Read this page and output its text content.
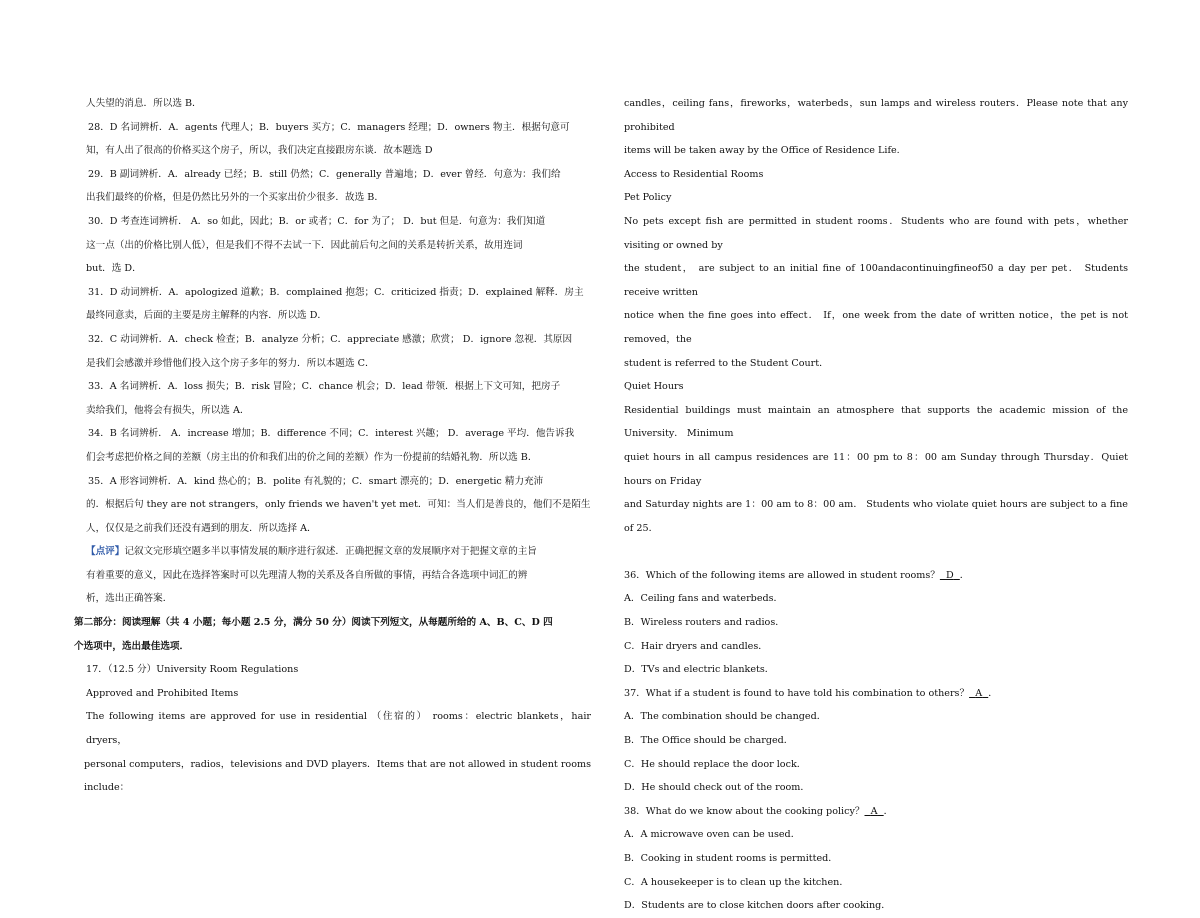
人失望的消息．所以选 B．

28．D 名词辨析．A．agents 代理人；B．buyers 买方；C．managers 经理；D．owners 物主．根据句意可

知，有人出了很高的价格买这个房子，所以，我们决定直接跟房东谈．故本题选 D

29．B 副词辨析．A．already 已经；B．still 仍然；C．generally 普遍地；D．ever 曾经．句意为：我们给

出我们最终的价格，但是仍然比另外的一个买家出价少很多．故选 B．

30．D 考查连词辨析． A．so 如此，因此；B．or 或者；C．for 为了； D．but 但是．句意为：我们知道

这一点（出的价格比别人低），但是我们不得不去试一下．因此前后句之间的关系是转折关系，故用连词

but．选 D．

31．D 动词辨析．A．apologized 道歉；B．complained 抱怨；C．criticized 指责；D．explained 解释．房主

最终同意卖，后面的主要是房主解释的内容．所以选 D．

32．C 动词辨析．A．check 检查；B．analyze 分析；C．appreciate 感激；欣赏； D．ignore 忽视．其原因

是我们会感激并珍惜他们投入这个房子多年的努力．所以本题选 C．

33．A 名词辨析．A．loss 损失；B．risk 冒险；C．chance 机会；D．lead 带领．根据上下文可知，把房子

卖给我们，他将会有损失，所以选 A．

34．B 名词辨析． A．increase 增加；B．difference 不同；C．interest 兴趣； D．average 平均．他告诉我

们会考虑把价格之间的差额（房主出的价和我们出的价之间的差额）作为一份提前的结婚礼物．所以选 B．

35．A 形容词辨析．A．kind 热心的；B．polite 有礼貌的；C．smart 漂亮的；D．energetic 精力充沛

的．根据后句 they are not strangers，only friends we haven't yet met．可知：当人们是善良的，他们不是陌生

人，仅仅是之前我们还没有遇到的朋友．所以选择 A．

【点评】记叙文完形填空题多半以事情发展的顺序进行叙述．正确把握文章的发展顺序对于把握文章的主旨

有着重要的意义，因此在选择答案时可以先理清人物的关系及各自所做的事情，再结合各选项中词汇的辨

析，选出正确答案．

第二部分：阅读理解（共 4 小题；每小题 2.5 分，满分 50 分）阅读下列短文，从每题所给的 A、B、C、D 四

个选项中，选出最佳选项．

17．（12.5 分）University Room Regulations

Approved and Prohibited Items

The following items are approved for use in residential （住宿的） rooms：electric blankets，hair dryers，

personal computers，radios，televisions and DVD players．Items that are not allowed in student rooms include：

candles，ceiling fans，fireworks，waterbeds，sun lamps and wireless routers．Please note that any prohibited

items will be taken away by the Office of Residence Life.

Access to Residential Rooms

Pet Policy

No pets except fish are permitted in student rooms．Students who are found with pets，whether visiting or owned by

the student， are subject to an initial fine of 100andacontinuingfineof50 a day per pet． Students receive written

notice when the fine goes into effect． If，one week from the date of written notice，the pet is not removed，the

student is referred to the Student Court．

Quiet Hours

Residential buildings must maintain an atmosphere that supports the academic mission of the University． Minimum

quiet hours in all campus residences are 11：00 pm to 8：00 am Sunday through Thursday．Quiet hours on Friday

and Saturday nights are 1：00 am to 8：00 am． Students who violate quiet hours are subject to a fine of 25．

36．Which of the following items are allowed in student rooms？ D ．

A．Ceiling fans and waterbeds．

B．Wireless routers and radios．

C．Hair dryers and candles．

D．TVs and electric blankets．

37．What if a student is found to have told his combination to others？ A ．

A．The combination should be changed．

B．The Office should be charged．

C．He should replace the door lock．

D．He should check out of the room．

38．What do we know about the cooking policy？ A ．

A．A microwave oven can be used．

B．Cooking in student rooms is permitted．

C．A housekeeper is to clean up the kitchen．

D．Students are to close kitchen doors after cooking．
